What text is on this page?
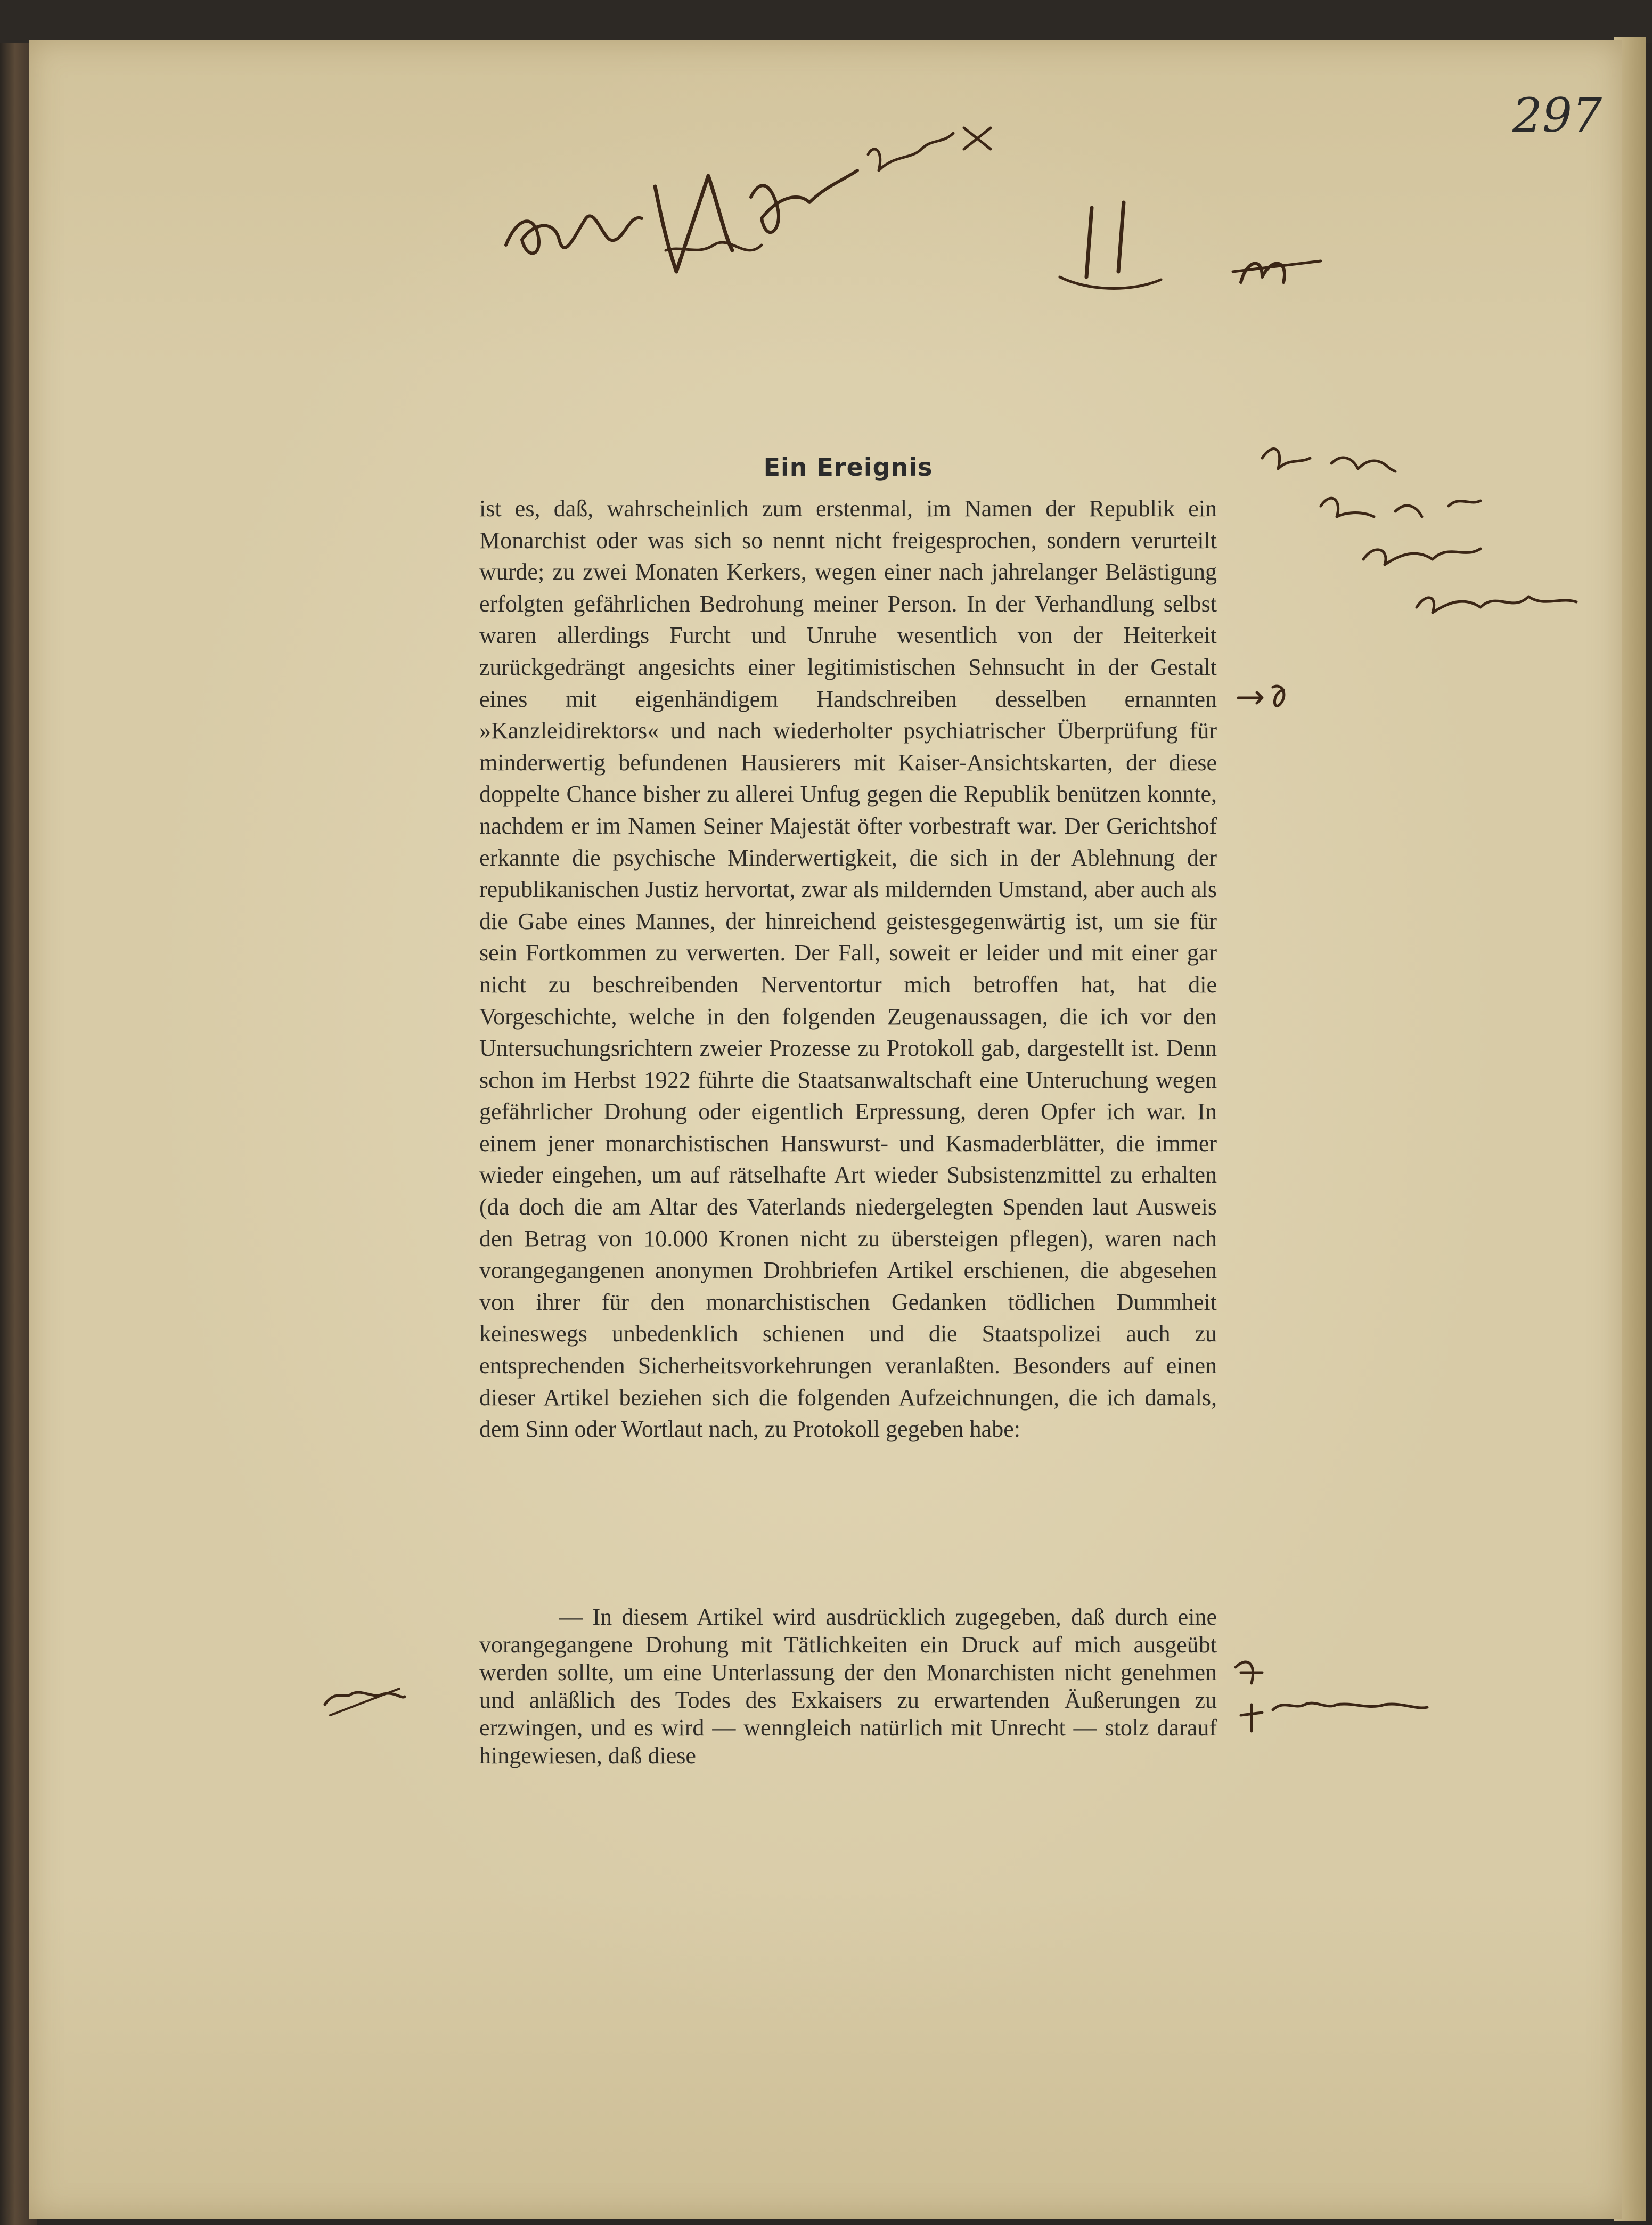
297
Ein Ereignis

ist es, daß, wahrscheinlich zum erstenmal, im Namen der Republik ein Monarchist oder was sich so nennt nicht freigesprochen, sondern verurteilt wurde; zu zwei Monaten Kerkers, wegen einer nach jahrelanger Belästigung erfolgten gefährlichen Bedrohung meiner Person. In der Verhandlung selbst waren allerdings Furcht und Unruhe wesentlich von der Heiterkeit zurückgedrängt angesichts einer legitimistischen Sehnsucht in der Gestalt eines mit eigenhändigem Handschreiben desselben ernannten »Kanzleidirektors« und nach wiederholter psychiatrischer Überprüfung für minderwertig befundenen Hausierers mit Kaiser-Ansichtskarten, der diese doppelte Chance bisher zu allerei Unfug gegen die Republik benützen konnte, nachdem er im Namen Seiner Majestät öfter vorbestraft war. Der Gerichtshof erkannte die psychische Minderwertigkeit, die sich in der Ablehnung der republikanischen Justiz hervortat, zwar als mildernden Umstand, aber auch als die Gabe eines Mannes, der hinreichend geistesgegenwärtig ist, um sie für sein Fortkommen zu verwerten. Der Fall, soweit er leider und mit einer gar nicht zu beschreibenden Nerventortur mich betroffen hat, hat die Vorgeschichte, welche in den folgenden Zeugenaussagen, die ich vor den Untersuchungsrichtern zweier Prozesse zu Protokoll gab, dargestellt ist. Denn schon im Herbst 1922 führte die Staatsanwaltschaft eine Unteruchung wegen gefährlicher Drohung oder eigentlich Erpressung, deren Opfer ich war. In einem jener monarchistischen Hanswurst- und Kasmaderblätter, die immer wieder eingehen, um auf rätselhafte Art wieder Subsistenzmittel zu erhalten (da doch die am Altar des Vaterlands niedergelegten Spenden laut Ausweis den Betrag von 10.000 Kronen nicht zu übersteigen pflegen), waren nach vorangegangenen anonymen Drohbriefen Artikel erschienen, die abgesehen von ihrer für den monarchistischen Gedanken tödlichen Dummheit keineswegs unbedenklich schienen und die Staatspolizei auch zu entsprechenden Sicherheitsvorkehrungen veranlaßten. Besonders auf einen dieser Artikel beziehen sich die folgenden Aufzeichnungen, die ich damals, dem Sinn oder Wortlaut nach, zu Protokoll gegeben habe:

— In diesem Artikel wird ausdrücklich zugegeben, daß durch eine vorangegangene Drohung mit Tätlichkeiten ein Druck auf mich ausgeübt werden sollte, um eine Unterlassung der den Monarchisten nicht genehmen und anläßlich des Todes des Exkaisers zu erwartenden Äußerungen zu erzwingen, und es wird — wenngleich natürlich mit Unrecht — stolz darauf hingewiesen, daß diese
